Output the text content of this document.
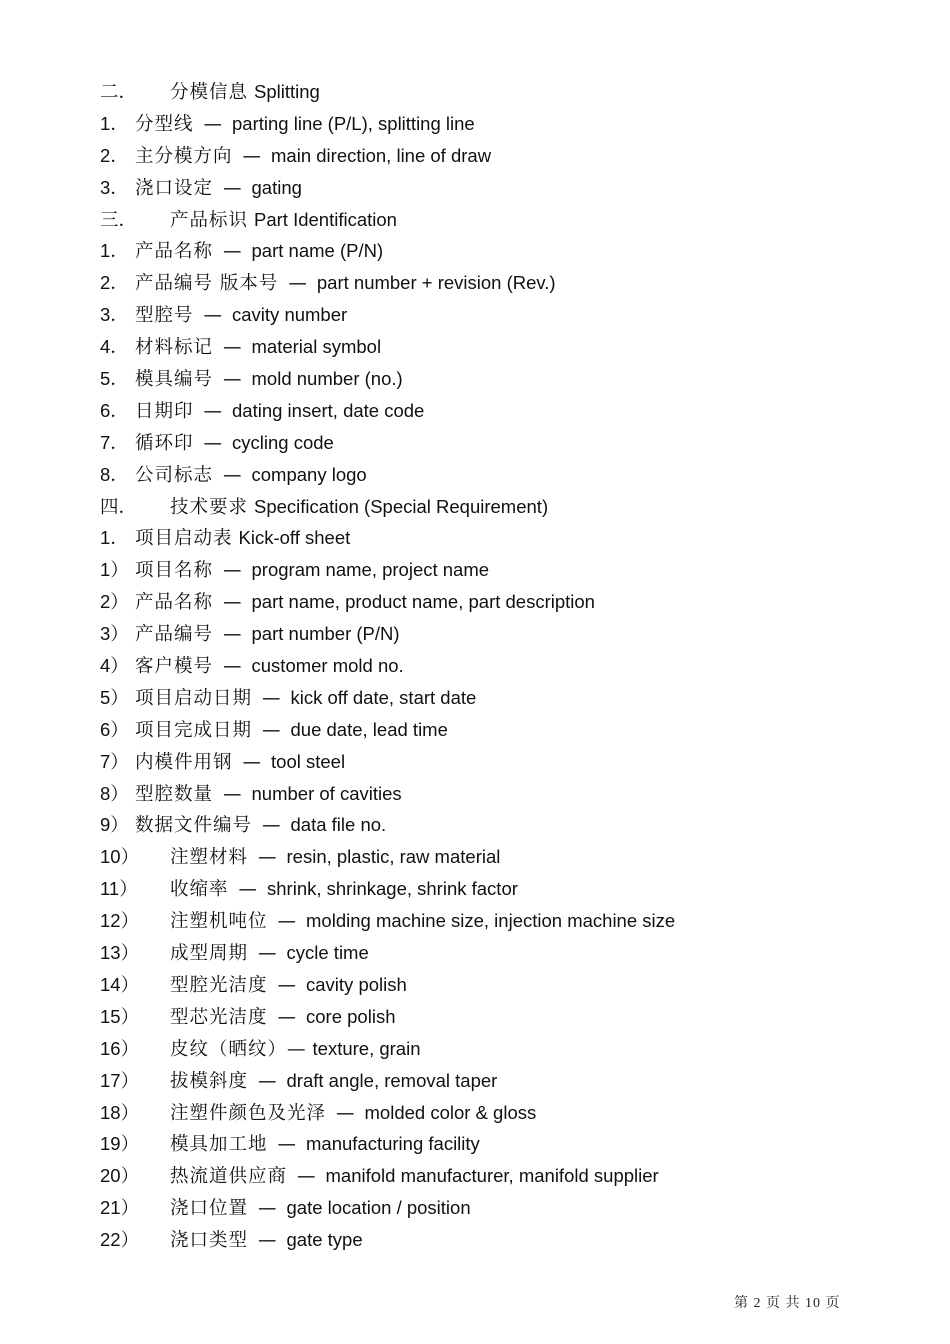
二．	分模信息 Splitting
1． 分型线 — parting line (P/L), splitting line
2． 主分模方向 — main direction, line of draw
3． 浇口设定 — gating
三．	产品标识 Part Identification
1． 产品名称 — part name (P/N)
2． 产品编号 版本号 — part number + revision (Rev.)
3． 型腔号 — cavity number
4． 材料标记 — material symbol
5． 模具编号 — mold number (no.)
6． 日期印 — dating insert, date code
7． 循环印 — cycling code
8． 公司标志 — company logo
四．	技术要求 Specification (Special Requirement)
1． 项目启动表 Kick-off sheet
1） 项目名称 — program name, project name
2） 产品名称 — part name, product name, part description
3） 产品编号 — part number (P/N)
4） 客户模号 — customer mold no.
5） 项目启动日期 — kick off date, start date
6） 项目完成日期 — due date, lead time
7） 内模件用钢 — tool steel
8） 型腔数量 — number of cavities
9） 数据文件编号 — data file no.
10）	注塑材料 — resin, plastic, raw material
11）	收缩率 — shrink, shrinkage, shrink factor
12）	注塑机吨位 — molding machine size, injection machine size
13）	成型周期 — cycle time
14）	型腔光洁度 — cavity polish
15）	型芯光洁度 — core polish
16）	皮纹（晒纹）— texture, grain
17）	拔模斜度 — draft angle, removal taper
18）	注塑件颜色及光泽 — molded color & gloss
19）	模具加工地 — manufacturing facility
20）	热流道供应商 — manifold manufacturer, manifold supplier
21）	浇口位置 — gate location / position
22）	浇口类型 — gate type
第 2 页 共 10 页
